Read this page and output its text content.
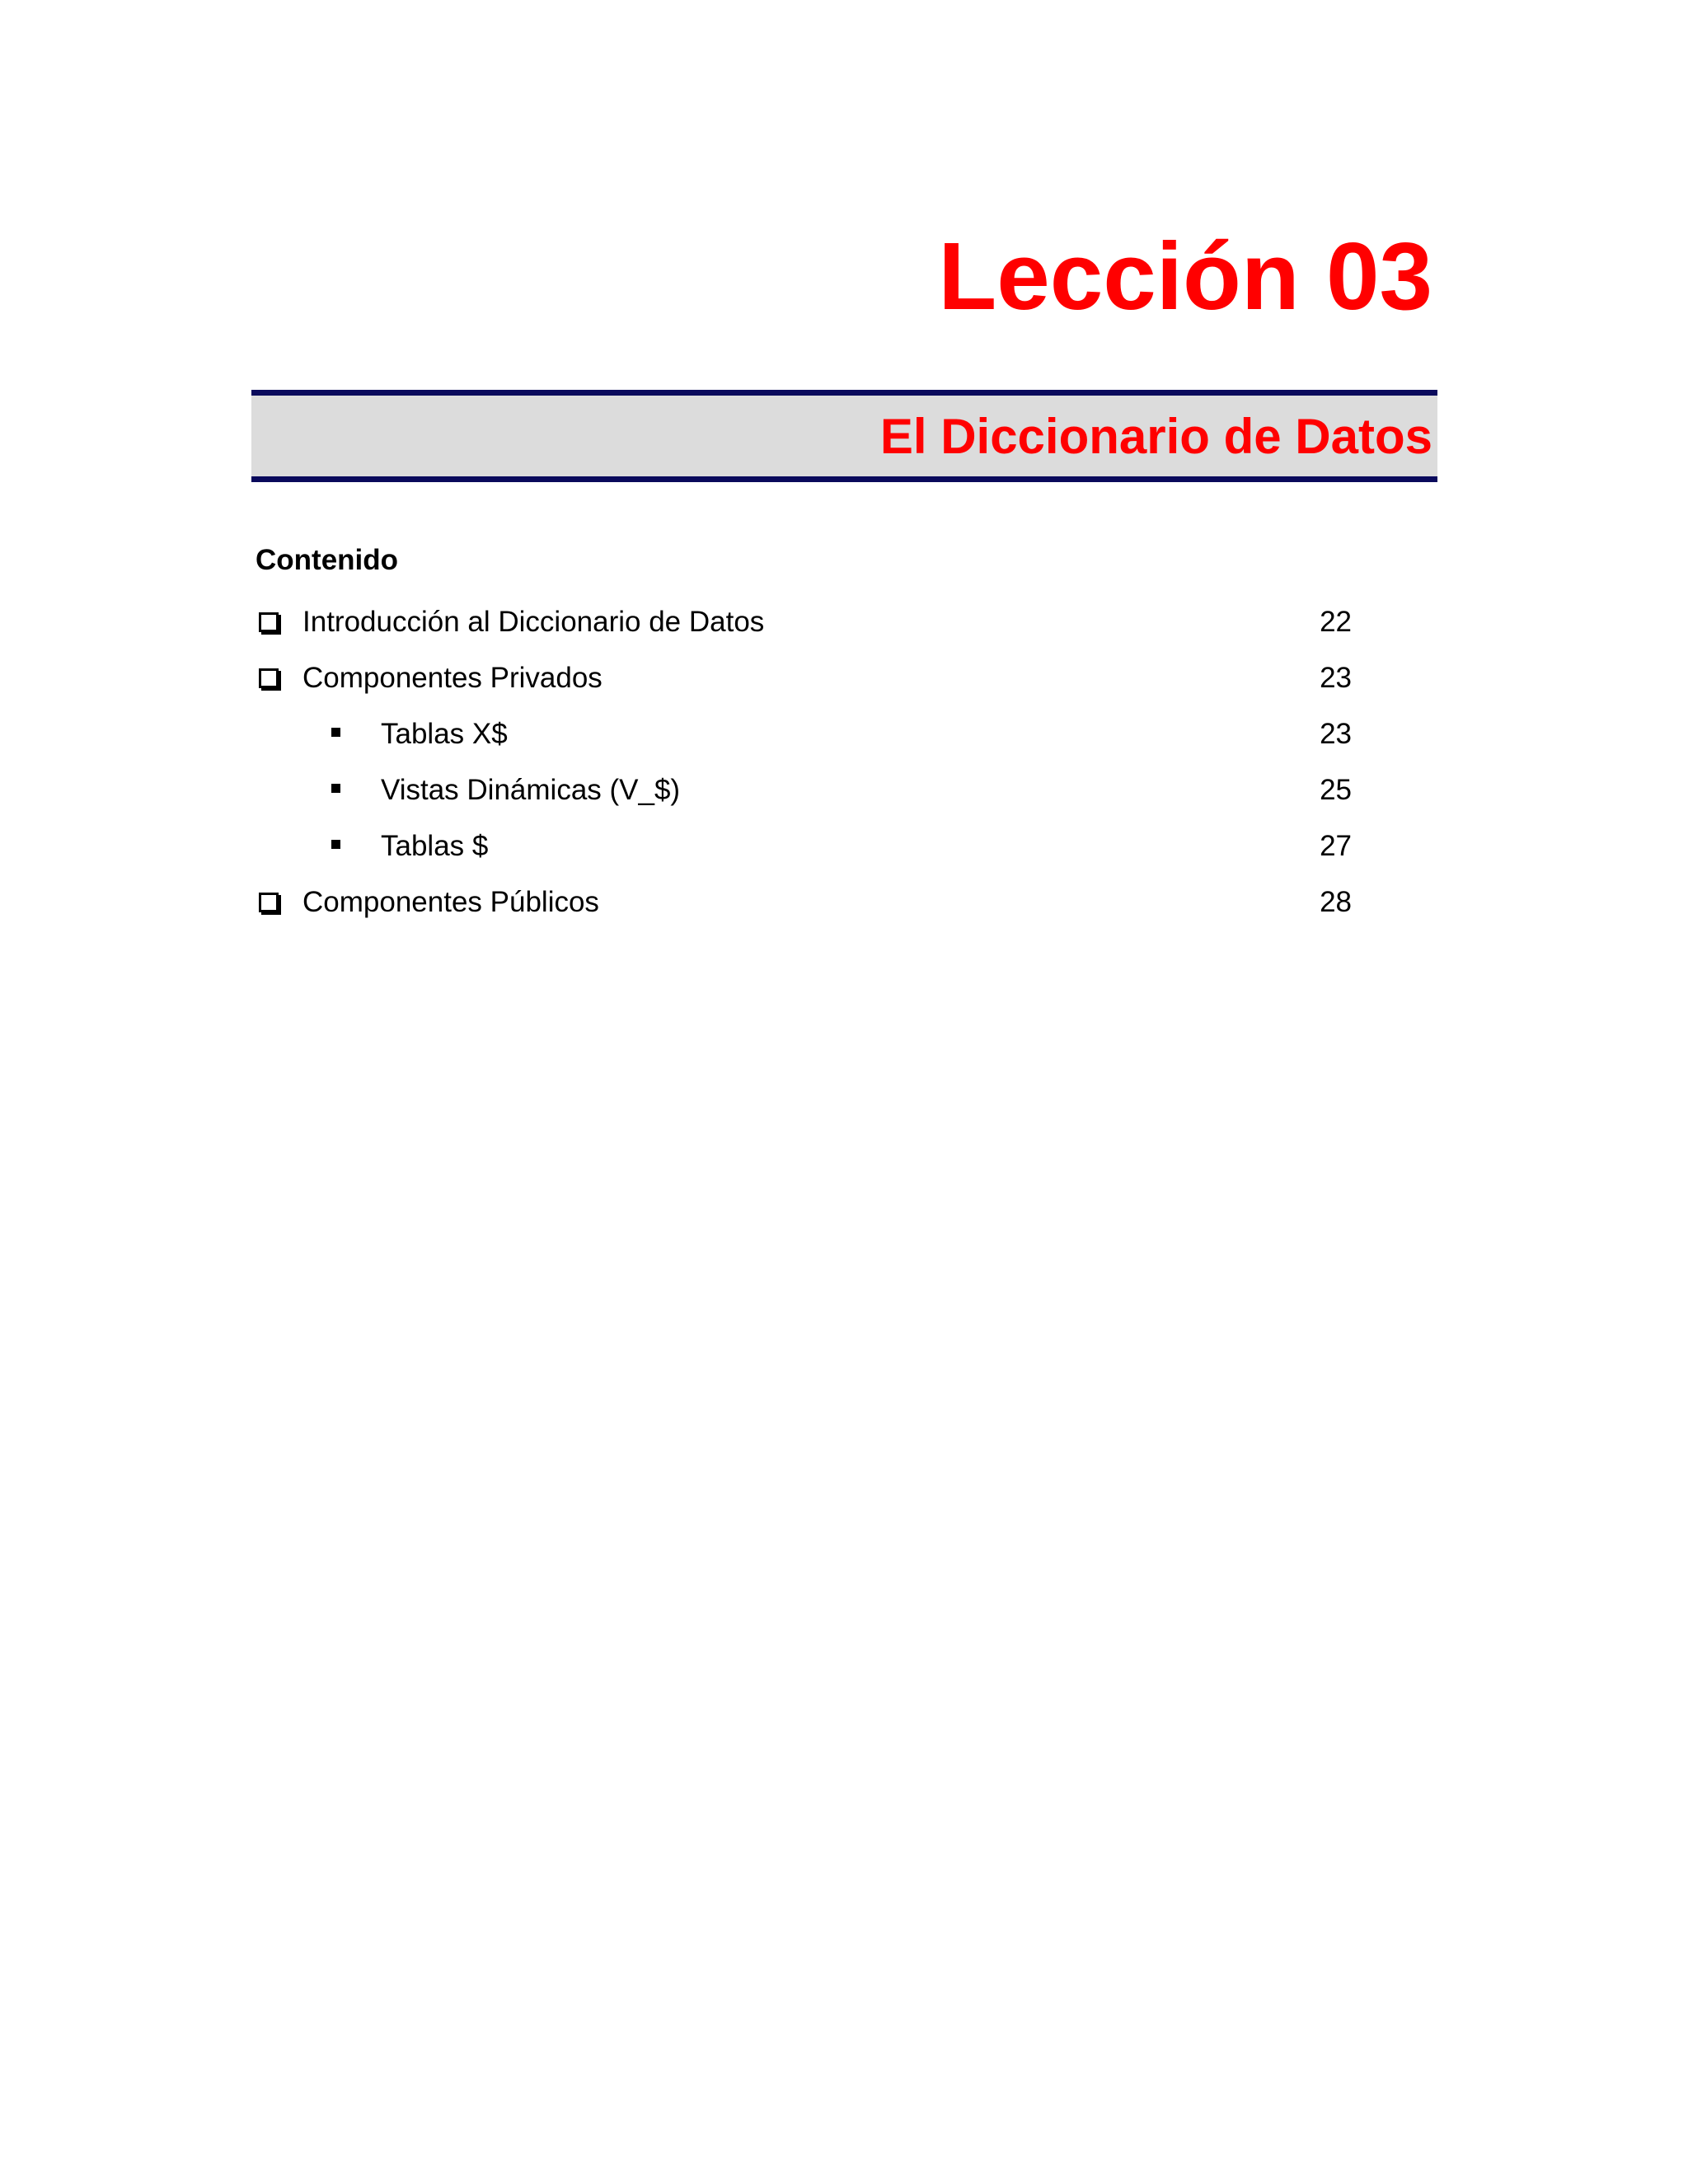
Lección 03
El Diccionario de Datos
Contenido
Introducción al Diccionario de Datos	22
Componentes Privados	23
Tablas X$	23
Vistas Dinámicas (V_$)	25
Tablas $	27
Componentes Públicos	28
